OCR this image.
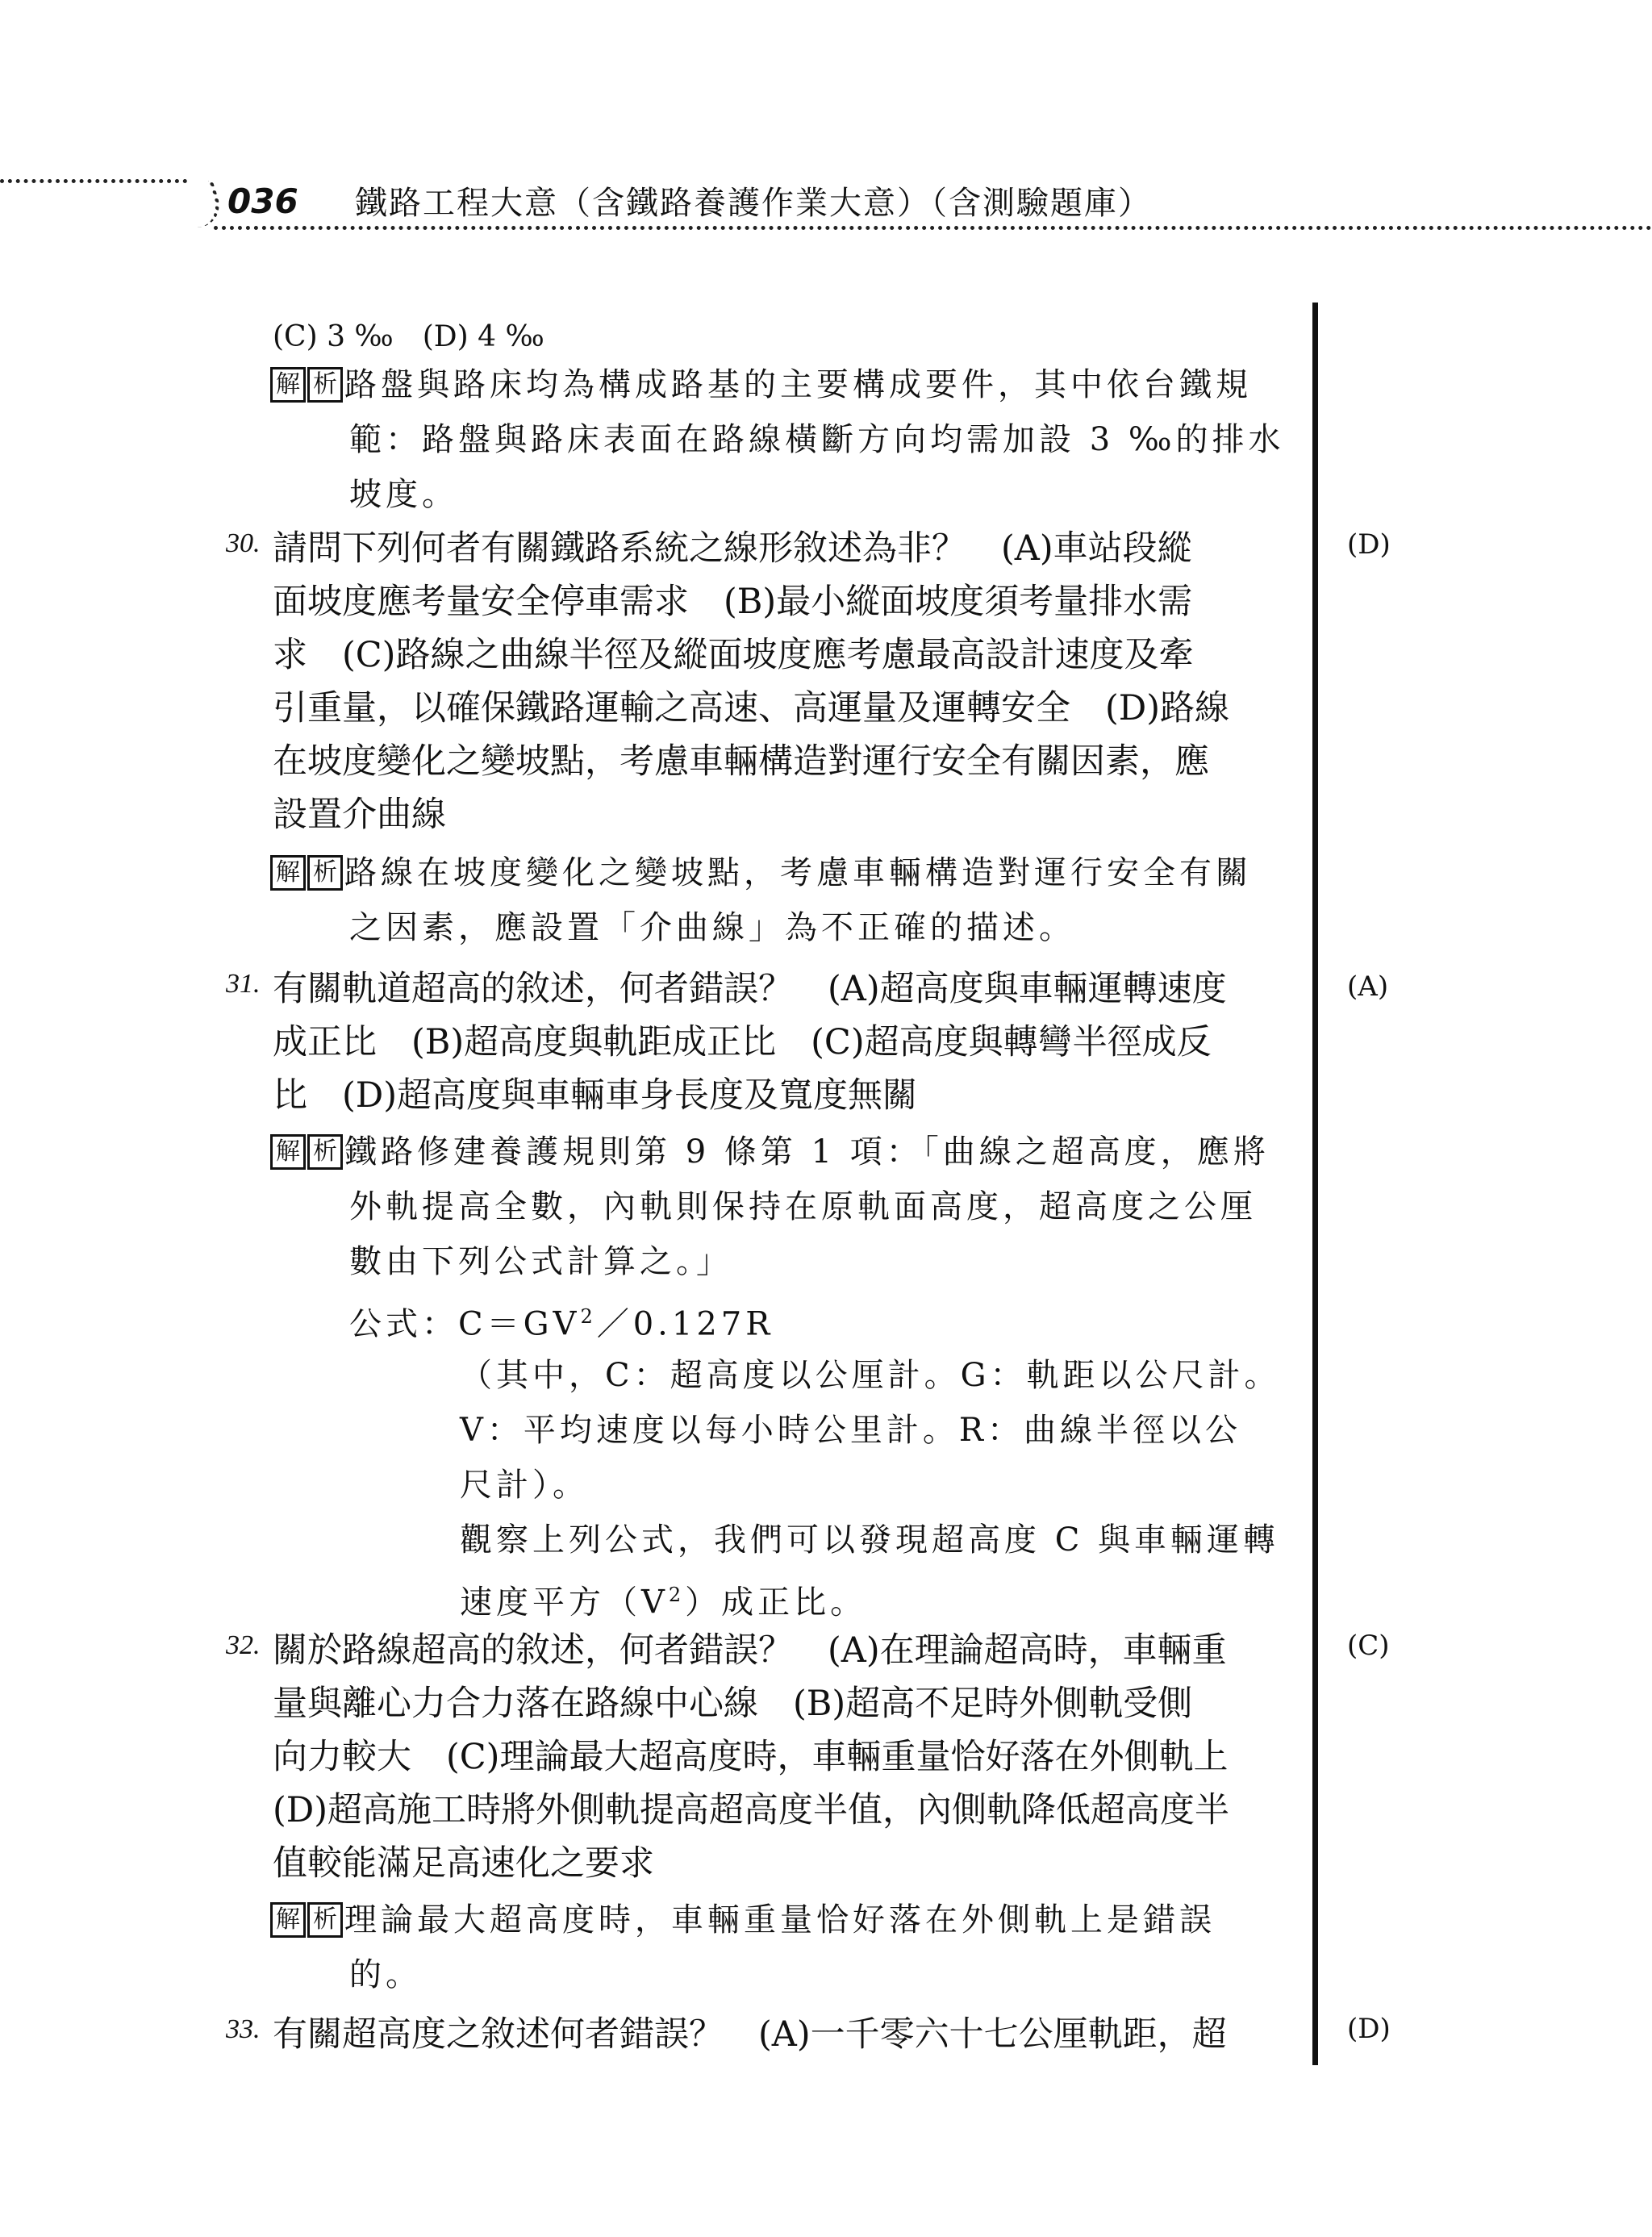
036 鐵路工程大意（含鐵路養護作業大意）（含測驗題庫）
(D)
(A)
(C)
(D)
(C) 3 ‰　(D) 4 ‰
解 析 路盤與路床均為構成路基的主要構成要件，其中依台鐵規
範：路盤與路床表面在路線橫斷方向均需加設 3 ‰的排水
坡度。
30. 請問下列何者有關鐵路系統之線形敘述為非？　(A)車站段縱
面坡度應考量安全停車需求　(B)最小縱面坡度須考量排水需
求　(C)路線之曲線半徑及縱面坡度應考慮最高設計速度及牽
引重量，以確保鐵路運輸之高速、高運量及運轉安全　(D)路線
在坡度變化之變坡點，考慮車輛構造對運行安全有關因素，應
設置介曲線
解 析 路線在坡度變化之變坡點，考慮車輛構造對運行安全有關
之因素，應設置「介曲線」為不正確的描述。
31. 有關軌道超高的敘述，何者錯誤？　(A)超高度與車輛運轉速度
成正比　(B)超高度與軌距成正比　(C)超高度與轉彎半徑成反
比　(D)超高度與車輛車身長度及寬度無關
解 析 鐵路修建養護規則第 9 條第 1 項：「曲線之超高度，應將
外軌提高全數，內軌則保持在原軌面高度，超高度之公厘
數由下列公式計算之。」
公式：$C=GV^2/0.127R$
（其中，C：超高度以公厘計。G：軌距以公尺計。
V：平均速度以每小時公里計。R：曲線半徑以公
尺計）。
觀察上列公式，我們可以發現超高度 C 與車輛運轉
速度平方$(V^2)$成正比。
32. 關於路線超高的敘述，何者錯誤？　(A)在理論超高時，車輛重
量與離心力合力落在路線中心線　(B)超高不足時外側軌受側
向力較大　(C)理論最大超高度時，車輛重量恰好落在外側軌上
(D)超高施工時將外側軌提高超高度半值，內側軌降低超高度半
值較能滿足高速化之要求
解 析 理論最大超高度時，車輛重量恰好落在外側軌上是錯誤
的。
33. 有關超高度之敘述何者錯誤？　(A)一千零六十七公厘軌距，超
